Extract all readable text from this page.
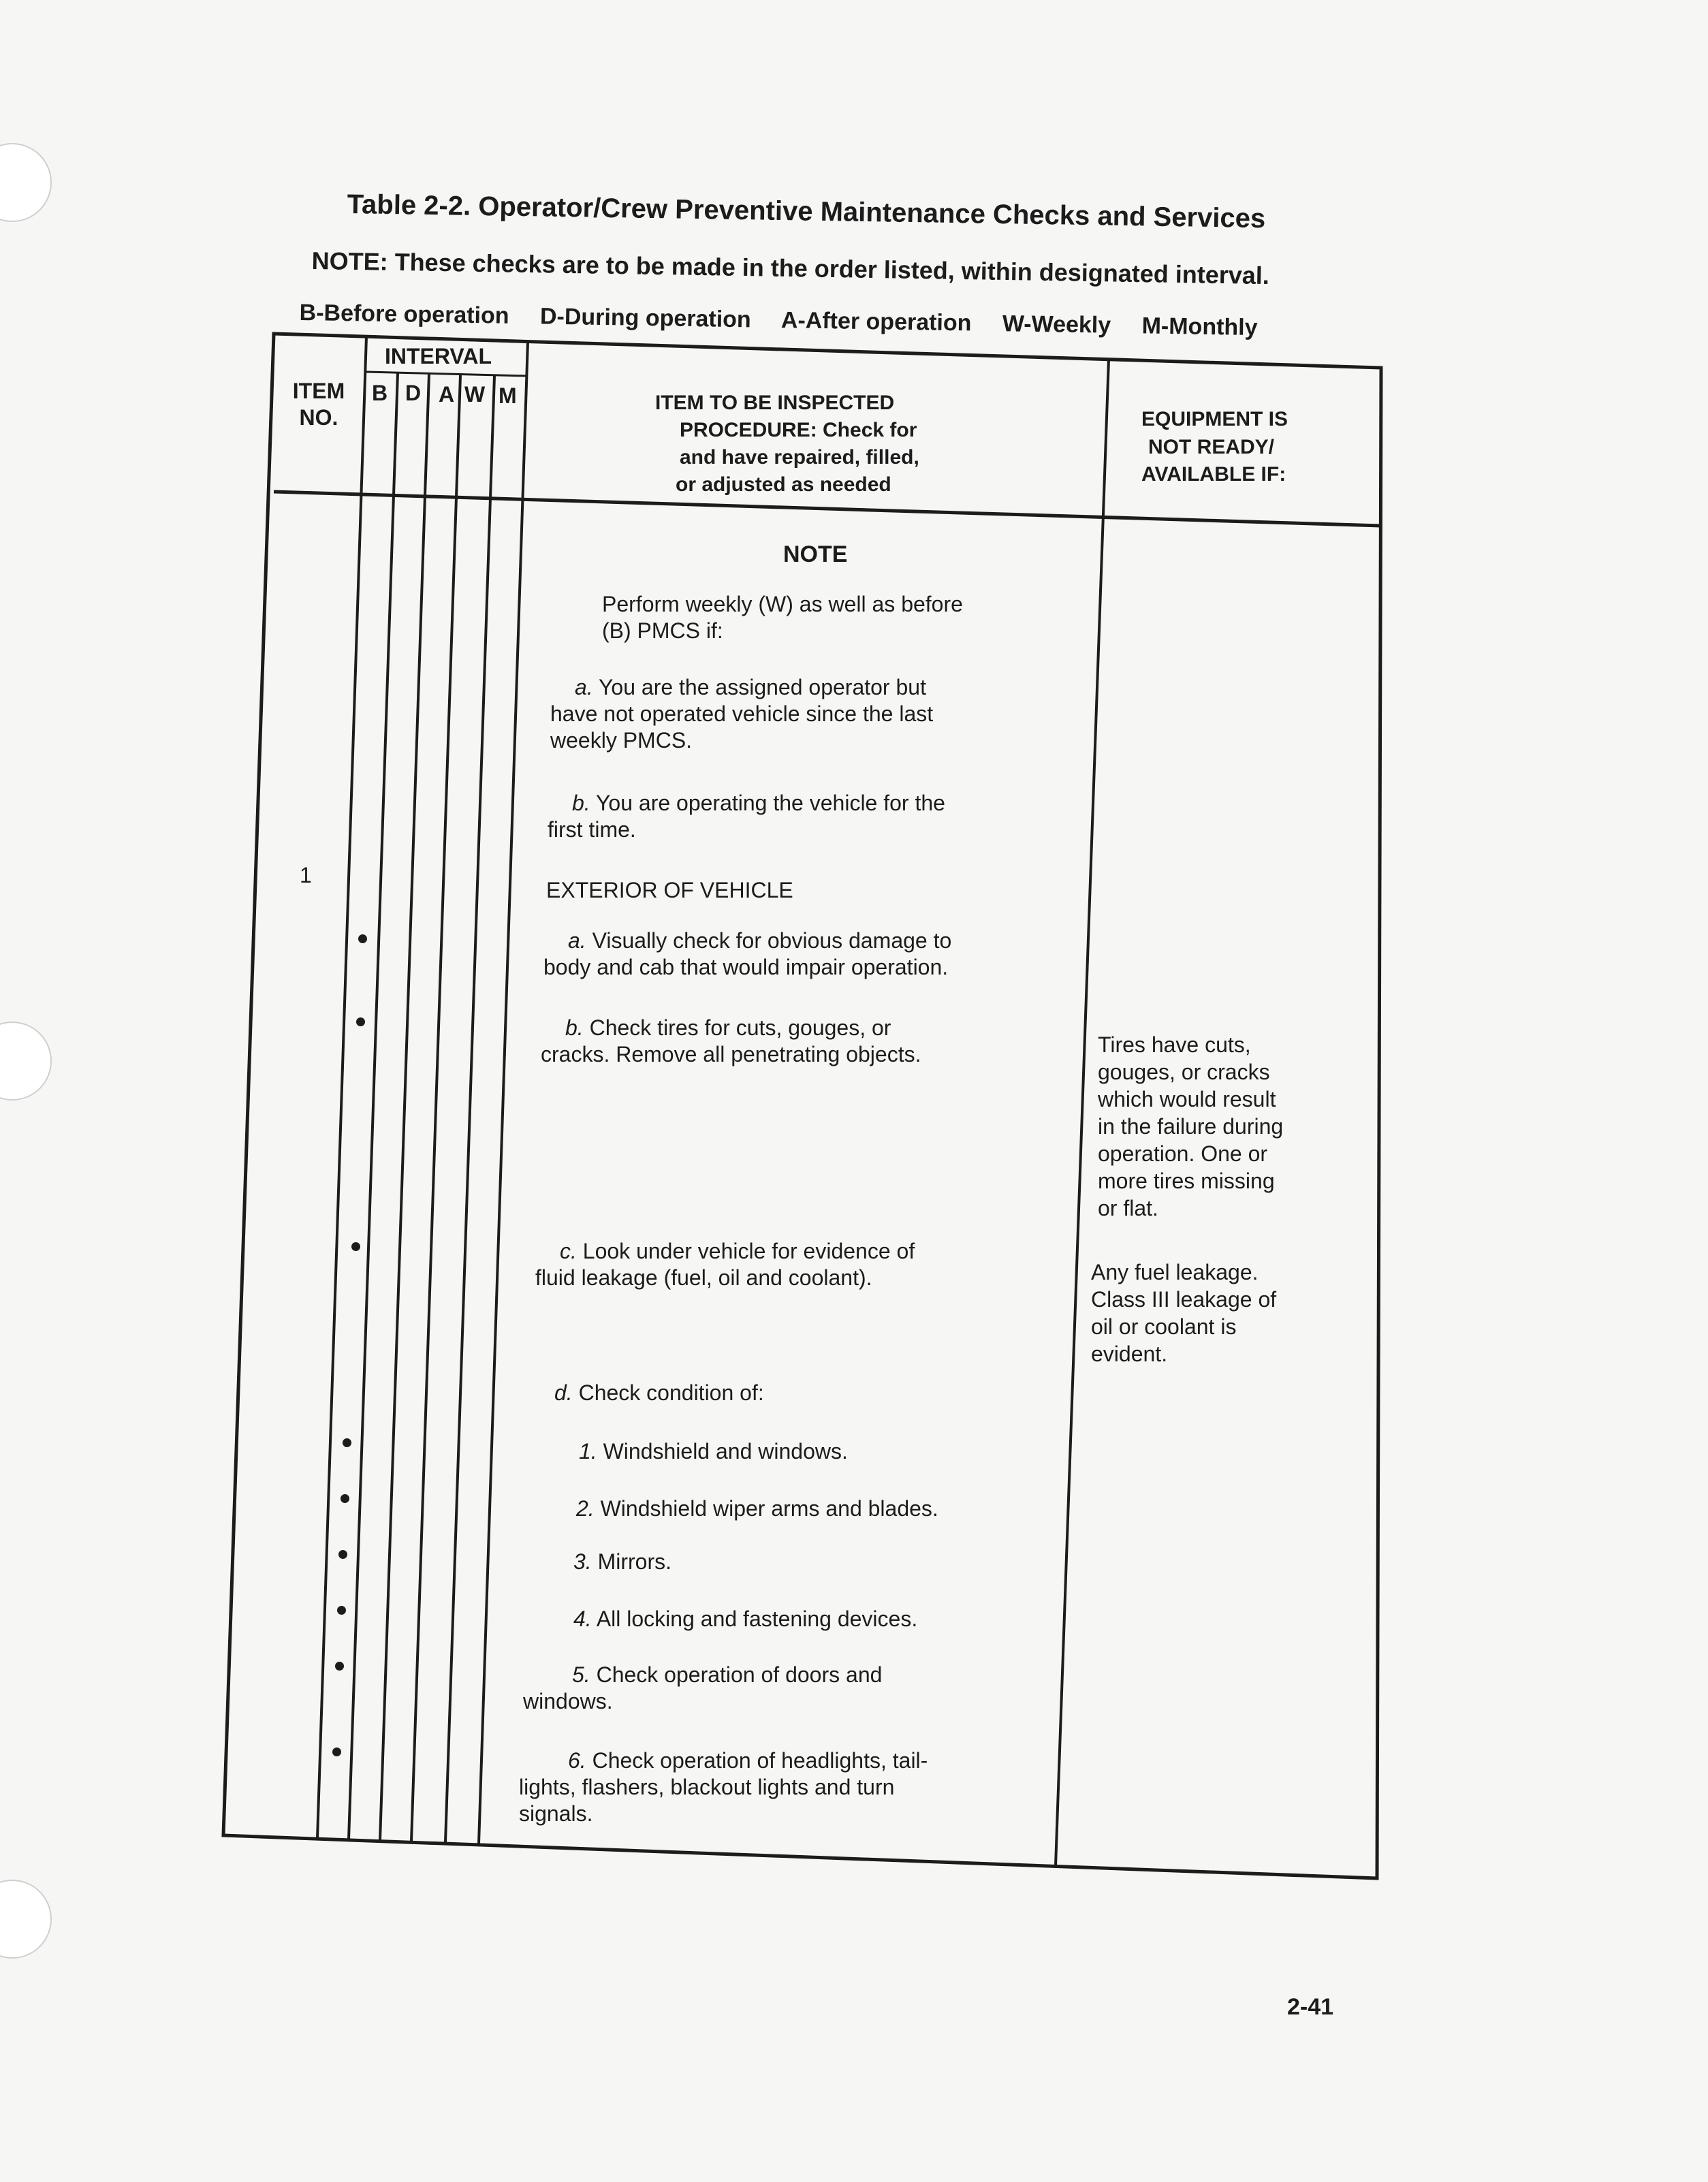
Table 2-2. Operator/Crew Preventive Maintenance Checks and Services
NOTE: These checks are to be made in the order listed, within designated interval.
B-Before operation D-During operation A-After operation W-Weekly M-Monthly
ITEM NO.
INTERVAL
B D A W M	ITEM TO BE INSPECTED
PROCEDURE: Check for
and have repaired, filled,
or adjusted as needed
EQUIPMENT IS
NOT READY/
AVAILABLE IF:
NOTE
Perform weekly (W) as well as before
(B) PMCS if:
a. You are the assigned operator but
have not operated vehicle since the last
weekly PMCS.
b. You are operating the vehicle for the
first time.
1
EXTERIOR OF VEHICLE
a. Visually check for obvious damage to
body and cab that would impair operation.
b. Check tires for cuts, gouges, or
cracks. Remove all penetrating objects.
c. Look under vehicle for evidence of
fluid leakage (fuel, oil and coolant).
d. Check condition of:
1. Windshield and windows.
2. Windshield wiper arms and blades.
3. Mirrors.
4. All locking and fastening devices.
5. Check operation of doors and
windows.
6. Check operation of headlights, tail-
lights, flashers, blackout lights and turn
signals.
Tires have cuts,
gouges, or cracks
which would result
in the failure during
operation. One or
more tires missing
or flat.
Any fuel leakage.
Class III leakage of
oil or coolant is
evident.
2-41
